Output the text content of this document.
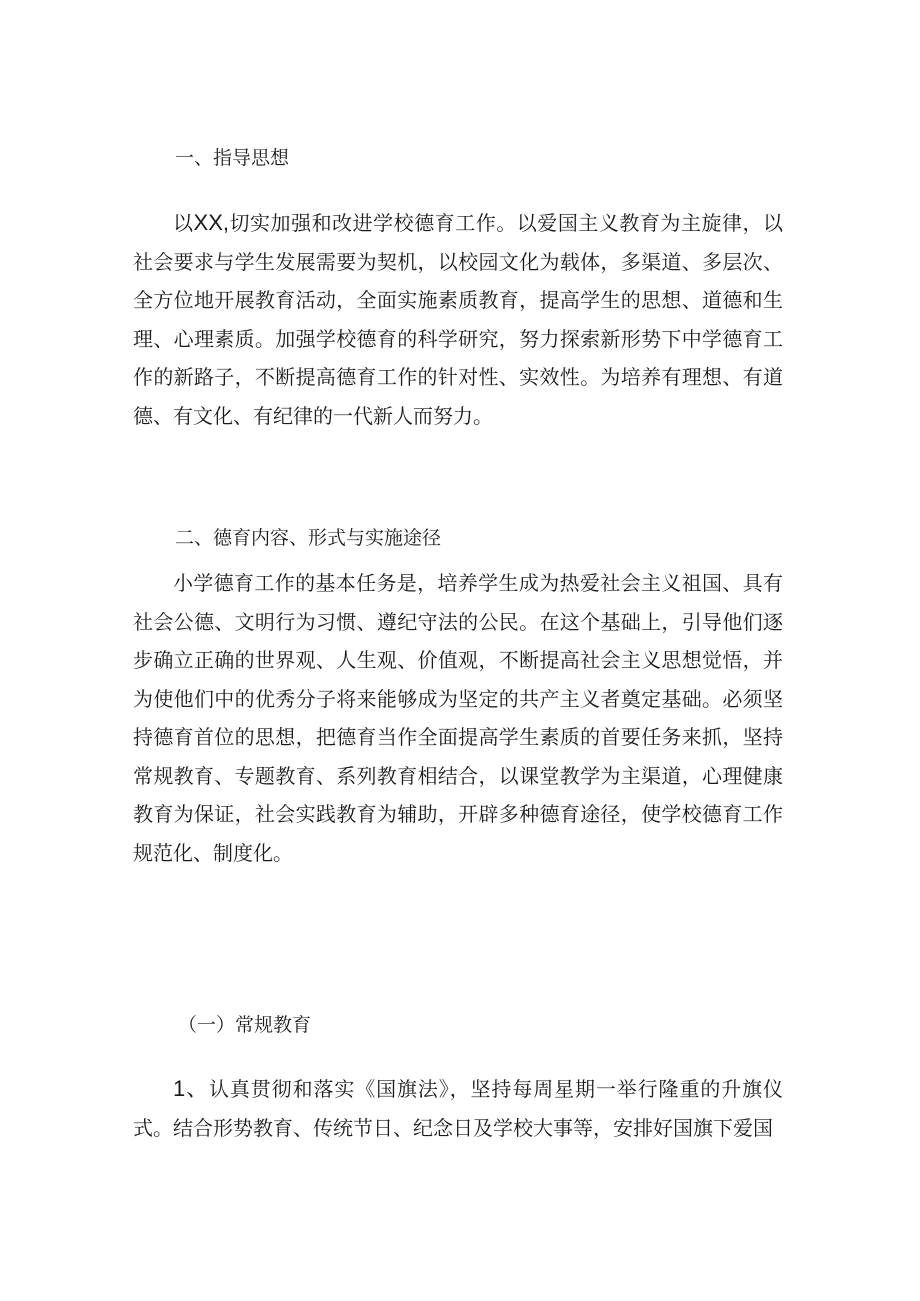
一、指导思想
以XX,切实加强和改进学校德育工作。以爱国主义教育为主旋律，以社会要求与学生发展需要为契机，以校园文化为载体，多渠道、多层次、全方位地开展教育活动，全面实施素质教育，提高学生的思想、道德和生理、心理素质。加强学校德育的科学研究，努力探索新形势下中学德育工作的新路子，不断提高德育工作的针对性、实效性。为培养有理想、有道德、有文化、有纪律的一代新人而努力。
二、德育内容、形式与实施途径
小学德育工作的基本任务是，培养学生成为热爱社会主义祖国、具有社会公德、文明行为习惯、遵纪守法的公民。在这个基础上，引导他们逐步确立正确的世界观、人生观、价值观，不断提高社会主义思想觉悟，并为使他们中的优秀分子将来能够成为坚定的共产主义者奠定基础。必须坚持德育首位的思想，把德育当作全面提高学生素质的首要任务来抓，坚持常规教育、专题教育、系列教育相结合，以课堂教学为主渠道，心理健康教育为保证，社会实践教育为辅助，开辟多种德育途径，使学校德育工作规范化、制度化。
（一）常规教育
1、认真贯彻和落实《国旗法》，坚持每周星期一举行隆重的升旗仪式。结合形势教育、传统节日、纪念日及学校大事等，安排好国旗下爱国
